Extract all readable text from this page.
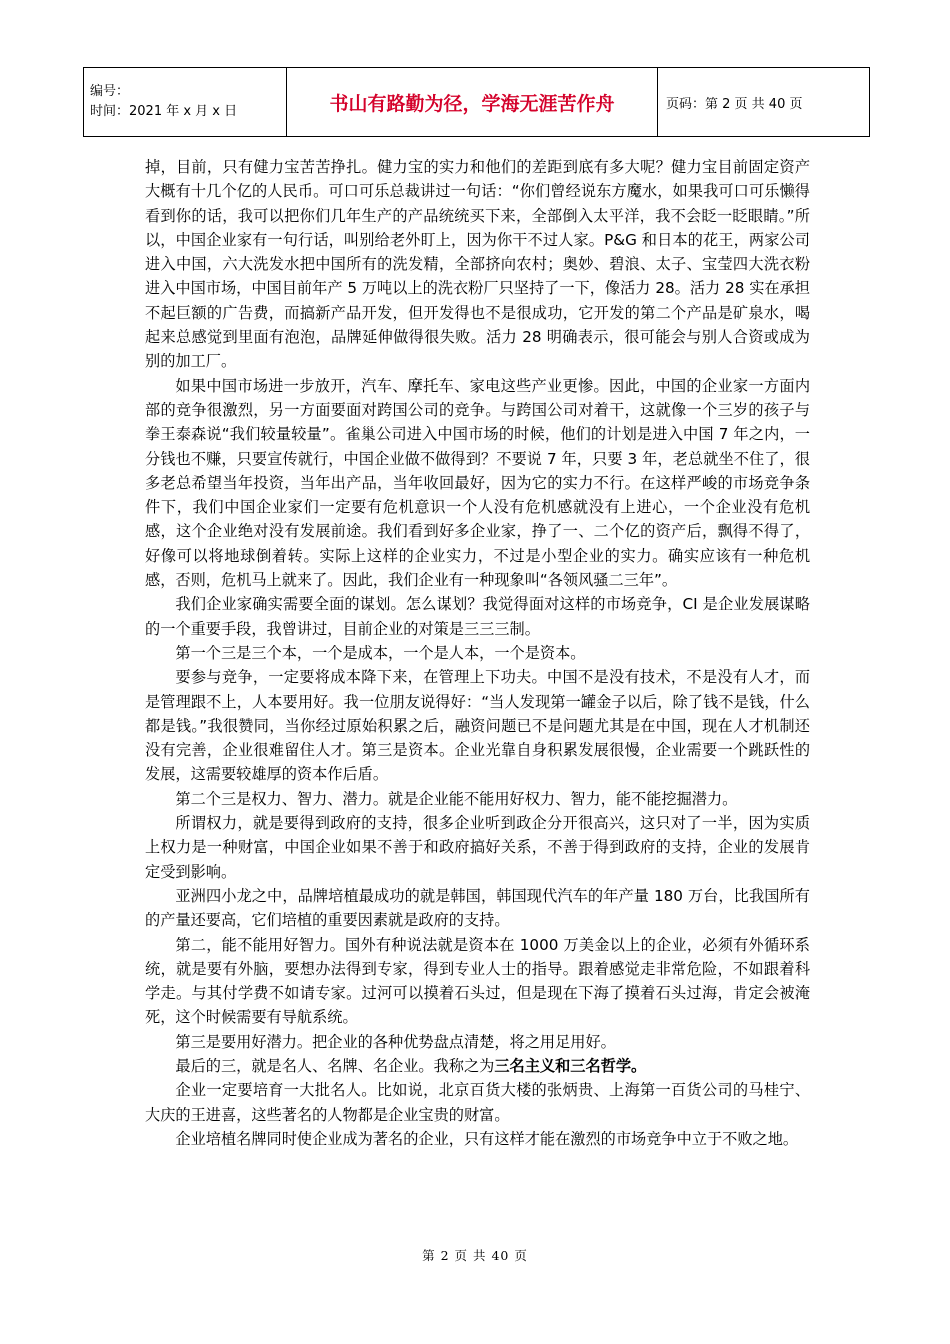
编号：
时间：2021 年 x 月 x 日	书山有路勤为径，学海无涯苦作舟	页码：第 2 页 共 40 页

掉，目前，只有健力宝苦苦挣扎。健力宝的实力和他们的差距到底有多大呢？健力宝目前固定资产大概有十几个亿的人民币。可口可乐总裁讲过一句话：“你们曾经说东方魔水，如果我可口可乐懒得看到你的话，我可以把你们几年生产的产品统统买下来，全部倒入太平洋，我不会眨一眨眼睛。”所以，中国企业家有一句行话，叫别给老外盯上，因为你干不过人家。P&G 和日本的花王，两家公司进入中国，六大洗发水把中国所有的洗发精，全部挤向农村；奥妙、碧浪、太子、宝莹四大洗衣粉进入中国市场，中国目前年产 5 万吨以上的洗衣粉厂只坚持了一下，像活力 28。活力 28 实在承担不起巨额的广告费，而搞新产品开发，但开发得也不是很成功，它开发的第二个产品是矿泉水，喝起来总感觉到里面有泡泡，品牌延伸做得很失败。活力 28 明确表示，很可能会与别人合资或成为别的加工厂。

如果中国市场进一步放开，汽车、摩托车、家电这些产业更惨。因此，中国的企业家一方面内部的竞争很激烈，另一方面要面对跨国公司的竞争。与跨国公司对着干，这就像一个三岁的孩子与拳王泰森说“我们较量较量”。雀巢公司进入中国市场的时候，他们的计划是进入中国 7 年之内，一分钱也不赚，只要宣传就行，中国企业做不做得到？不要说 7 年，只要 3 年，老总就坐不住了，很多老总希望当年投资，当年出产品，当年收回最好，因为它的实力不行。在这样严峻的市场竞争条件下，我们中国企业家们一定要有危机意识一个人没有危机感就没有上进心，一个企业没有危机感，这个企业绝对没有发展前途。我们看到好多企业家，挣了一、二个亿的资产后，飘得不得了，好像可以将地球倒着转。实际上这样的企业实力，不过是小型企业的实力。确实应该有一种危机感，否则，危机马上就来了。因此，我们企业有一种现象叫“各领风骚二三年”。

我们企业家确实需要全面的谋划。怎么谋划？我觉得面对这样的市场竞争，CI 是企业发展谋略的一个重要手段，我曾讲过，目前企业的对策是三三三制。

第一个三是三个本，一个是成本，一个是人本，一个是资本。

要参与竞争，一定要将成本降下来，在管理上下功夫。中国不是没有技术，不是没有人才，而是管理跟不上，人本要用好。我一位朋友说得好：“当人发现第一罐金子以后，除了钱不是钱，什么都是钱。”我很赞同，当你经过原始积累之后，融资问题已不是问题尤其是在中国，现在人才机制还没有完善，企业很难留住人才。第三是资本。企业光靠自身积累发展很慢，企业需要一个跳跃性的发展，这需要较雄厚的资本作后盾。

第二个三是权力、智力、潜力。就是企业能不能用好权力、智力，能不能挖掘潜力。

所谓权力，就是要得到政府的支持，很多企业听到政企分开很高兴，这只对了一半，因为实质上权力是一种财富，中国企业如果不善于和政府搞好关系，不善于得到政府的支持，企业的发展肯定受到影响。

亚洲四小龙之中，品牌培植最成功的就是韩国，韩国现代汽车的年产量 180 万台，比我国所有的产量还要高，它们培植的重要因素就是政府的支持。

第二，能不能用好智力。国外有种说法就是资本在 1000 万美金以上的企业，必须有外循环系统，就是要有外脑，要想办法得到专家，得到专业人士的指导。跟着感觉走非常危险，不如跟着科学走。与其付学费不如请专家。过河可以摸着石头过，但是现在下海了摸着石头过海，肯定会被淹死，这个时候需要有导航系统。

第三是要用好潜力。把企业的各种优势盘点清楚，将之用足用好。

最后的三，就是名人、名牌、名企业。我称之为三名主义和三名哲学。

企业一定要培育一大批名人。比如说，北京百货大楼的张炳贵、上海第一百货公司的马桂宁、大庆的王进喜，这些著名的人物都是企业宝贵的财富。

企业培植名牌同时使企业成为著名的企业，只有这样才能在激烈的市场竞争中立于不败之地。

第 2 页 共 40 页
